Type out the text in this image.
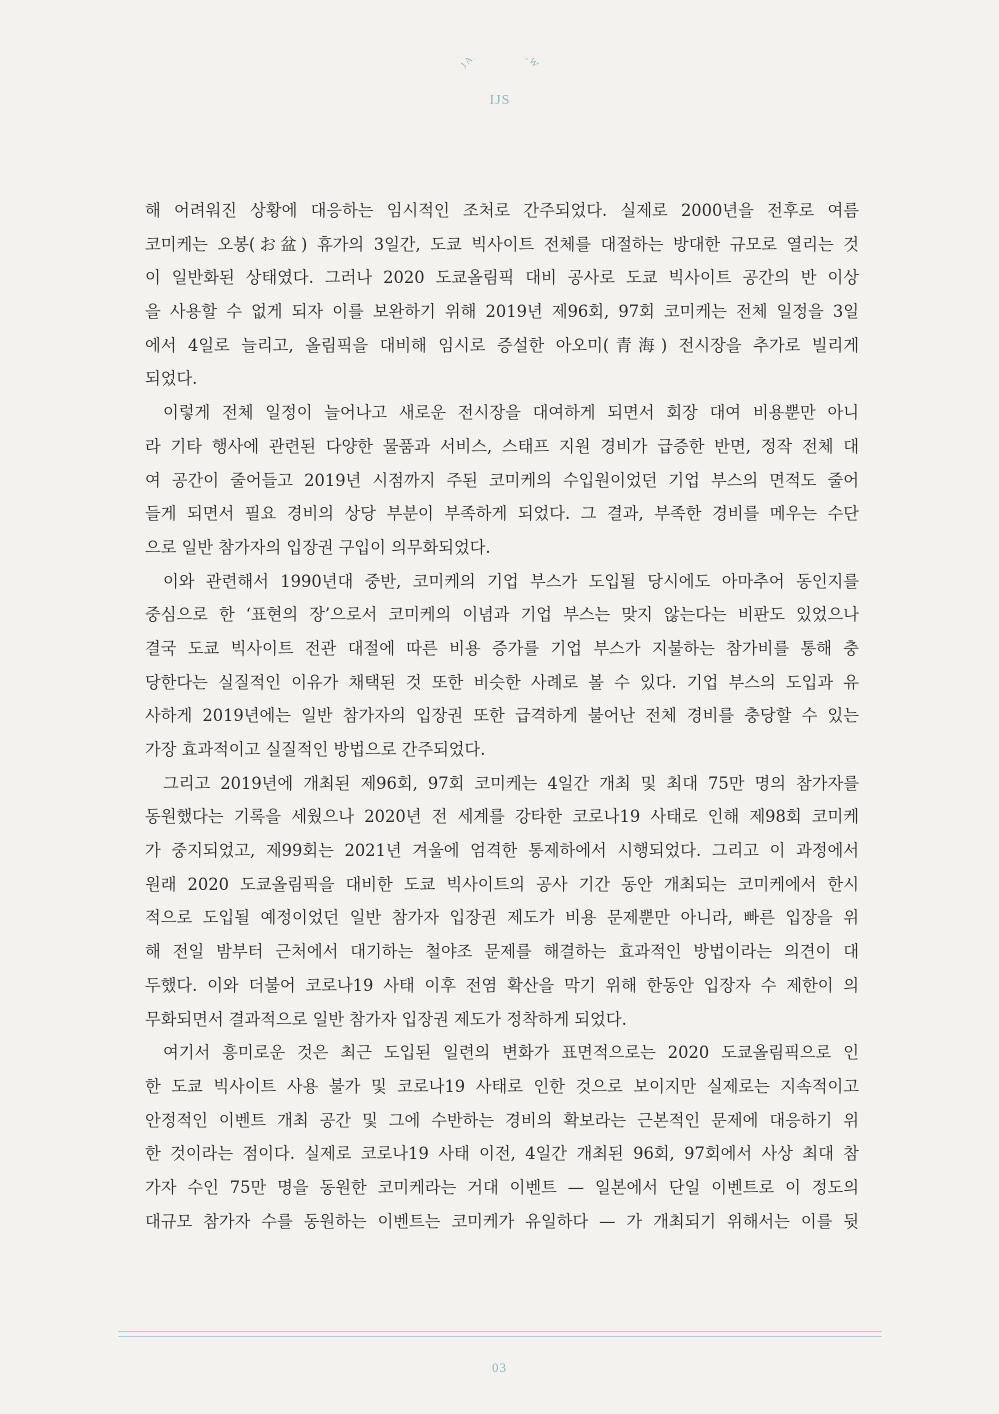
JA W
IJS
해 어려워진 상황에 대응하는 임시적인 조처로 간주되었다. 실제로 2000년을 전후로 여름
코미케는 오봉(お盆) 휴가의 3일간, 도쿄 빅사이트 전체를 대절하는 방대한 규모로 열리는 것
이 일반화된 상태였다. 그러나 2020 도쿄올림픽 대비 공사로 도쿄 빅사이트 공간의 반 이상
을 사용할 수 없게 되자 이를 보완하기 위해 2019년 제96회, 97회 코미케는 전체 일정을 3일
에서 4일로 늘리고, 올림픽을 대비해 임시로 증설한 아오미(青海) 전시장을 추가로 빌리게
되었다.
이렇게 전체 일정이 늘어나고 새로운 전시장을 대여하게 되면서 회장 대여 비용뿐만 아니
라 기타 행사에 관련된 다양한 물품과 서비스, 스태프 지원 경비가 급증한 반면, 정작 전체 대
여 공간이 줄어들고 2019년 시점까지 주된 코미케의 수입원이었던 기업 부스의 면적도 줄어
들게 되면서 필요 경비의 상당 부분이 부족하게 되었다. 그 결과, 부족한 경비를 메우는 수단
으로 일반 참가자의 입장권 구입이 의무화되었다.
이와 관련해서 1990년대 중반, 코미케의 기업 부스가 도입될 당시에도 아마추어 동인지를
중심으로 한 ‘표현의 장’으로서 코미케의 이념과 기업 부스는 맞지 않는다는 비판도 있었으나
결국 도쿄 빅사이트 전관 대절에 따른 비용 증가를 기업 부스가 지불하는 참가비를 통해 충
당한다는 실질적인 이유가 채택된 것 또한 비슷한 사례로 볼 수 있다. 기업 부스의 도입과 유
사하게 2019년에는 일반 참가자의 입장권 또한 급격하게 불어난 전체 경비를 충당할 수 있는
가장 효과적이고 실질적인 방법으로 간주되었다.
그리고 2019년에 개최된 제96회, 97회 코미케는 4일간 개최 및 최대 75만 명의 참가자를
동원했다는 기록을 세웠으나 2020년 전 세계를 강타한 코로나19 사태로 인해 제98회 코미케
가 중지되었고, 제99회는 2021년 겨울에 엄격한 통제하에서 시행되었다. 그리고 이 과정에서
원래 2020 도쿄올림픽을 대비한 도쿄 빅사이트의 공사 기간 동안 개최되는 코미케에서 한시
적으로 도입될 예정이었던 일반 참가자 입장권 제도가 비용 문제뿐만 아니라, 빠른 입장을 위
해 전일 밤부터 근처에서 대기하는 철야조 문제를 해결하는 효과적인 방법이라는 의견이 대
두했다. 이와 더불어 코로나19 사태 이후 전염 확산을 막기 위해 한동안 입장자 수 제한이 의
무화되면서 결과적으로 일반 참가자 입장권 제도가 정착하게 되었다.
여기서 흥미로운 것은 최근 도입된 일련의 변화가 표면적으로는 2020 도쿄올림픽으로 인
한 도쿄 빅사이트 사용 불가 및 코로나19 사태로 인한 것으로 보이지만 실제로는 지속적이고
안정적인 이벤트 개최 공간 및 그에 수반하는 경비의 확보라는 근본적인 문제에 대응하기 위
한 것이라는 점이다. 실제로 코로나19 사태 이전, 4일간 개최된 96회, 97회에서 사상 최대 참
가자 수인 75만 명을 동원한 코미케라는 거대 이벤트 — 일본에서 단일 이벤트로 이 정도의
대규모 참가자 수를 동원하는 이벤트는 코미케가 유일하다 — 가 개최되기 위해서는 이를 뒷
03
